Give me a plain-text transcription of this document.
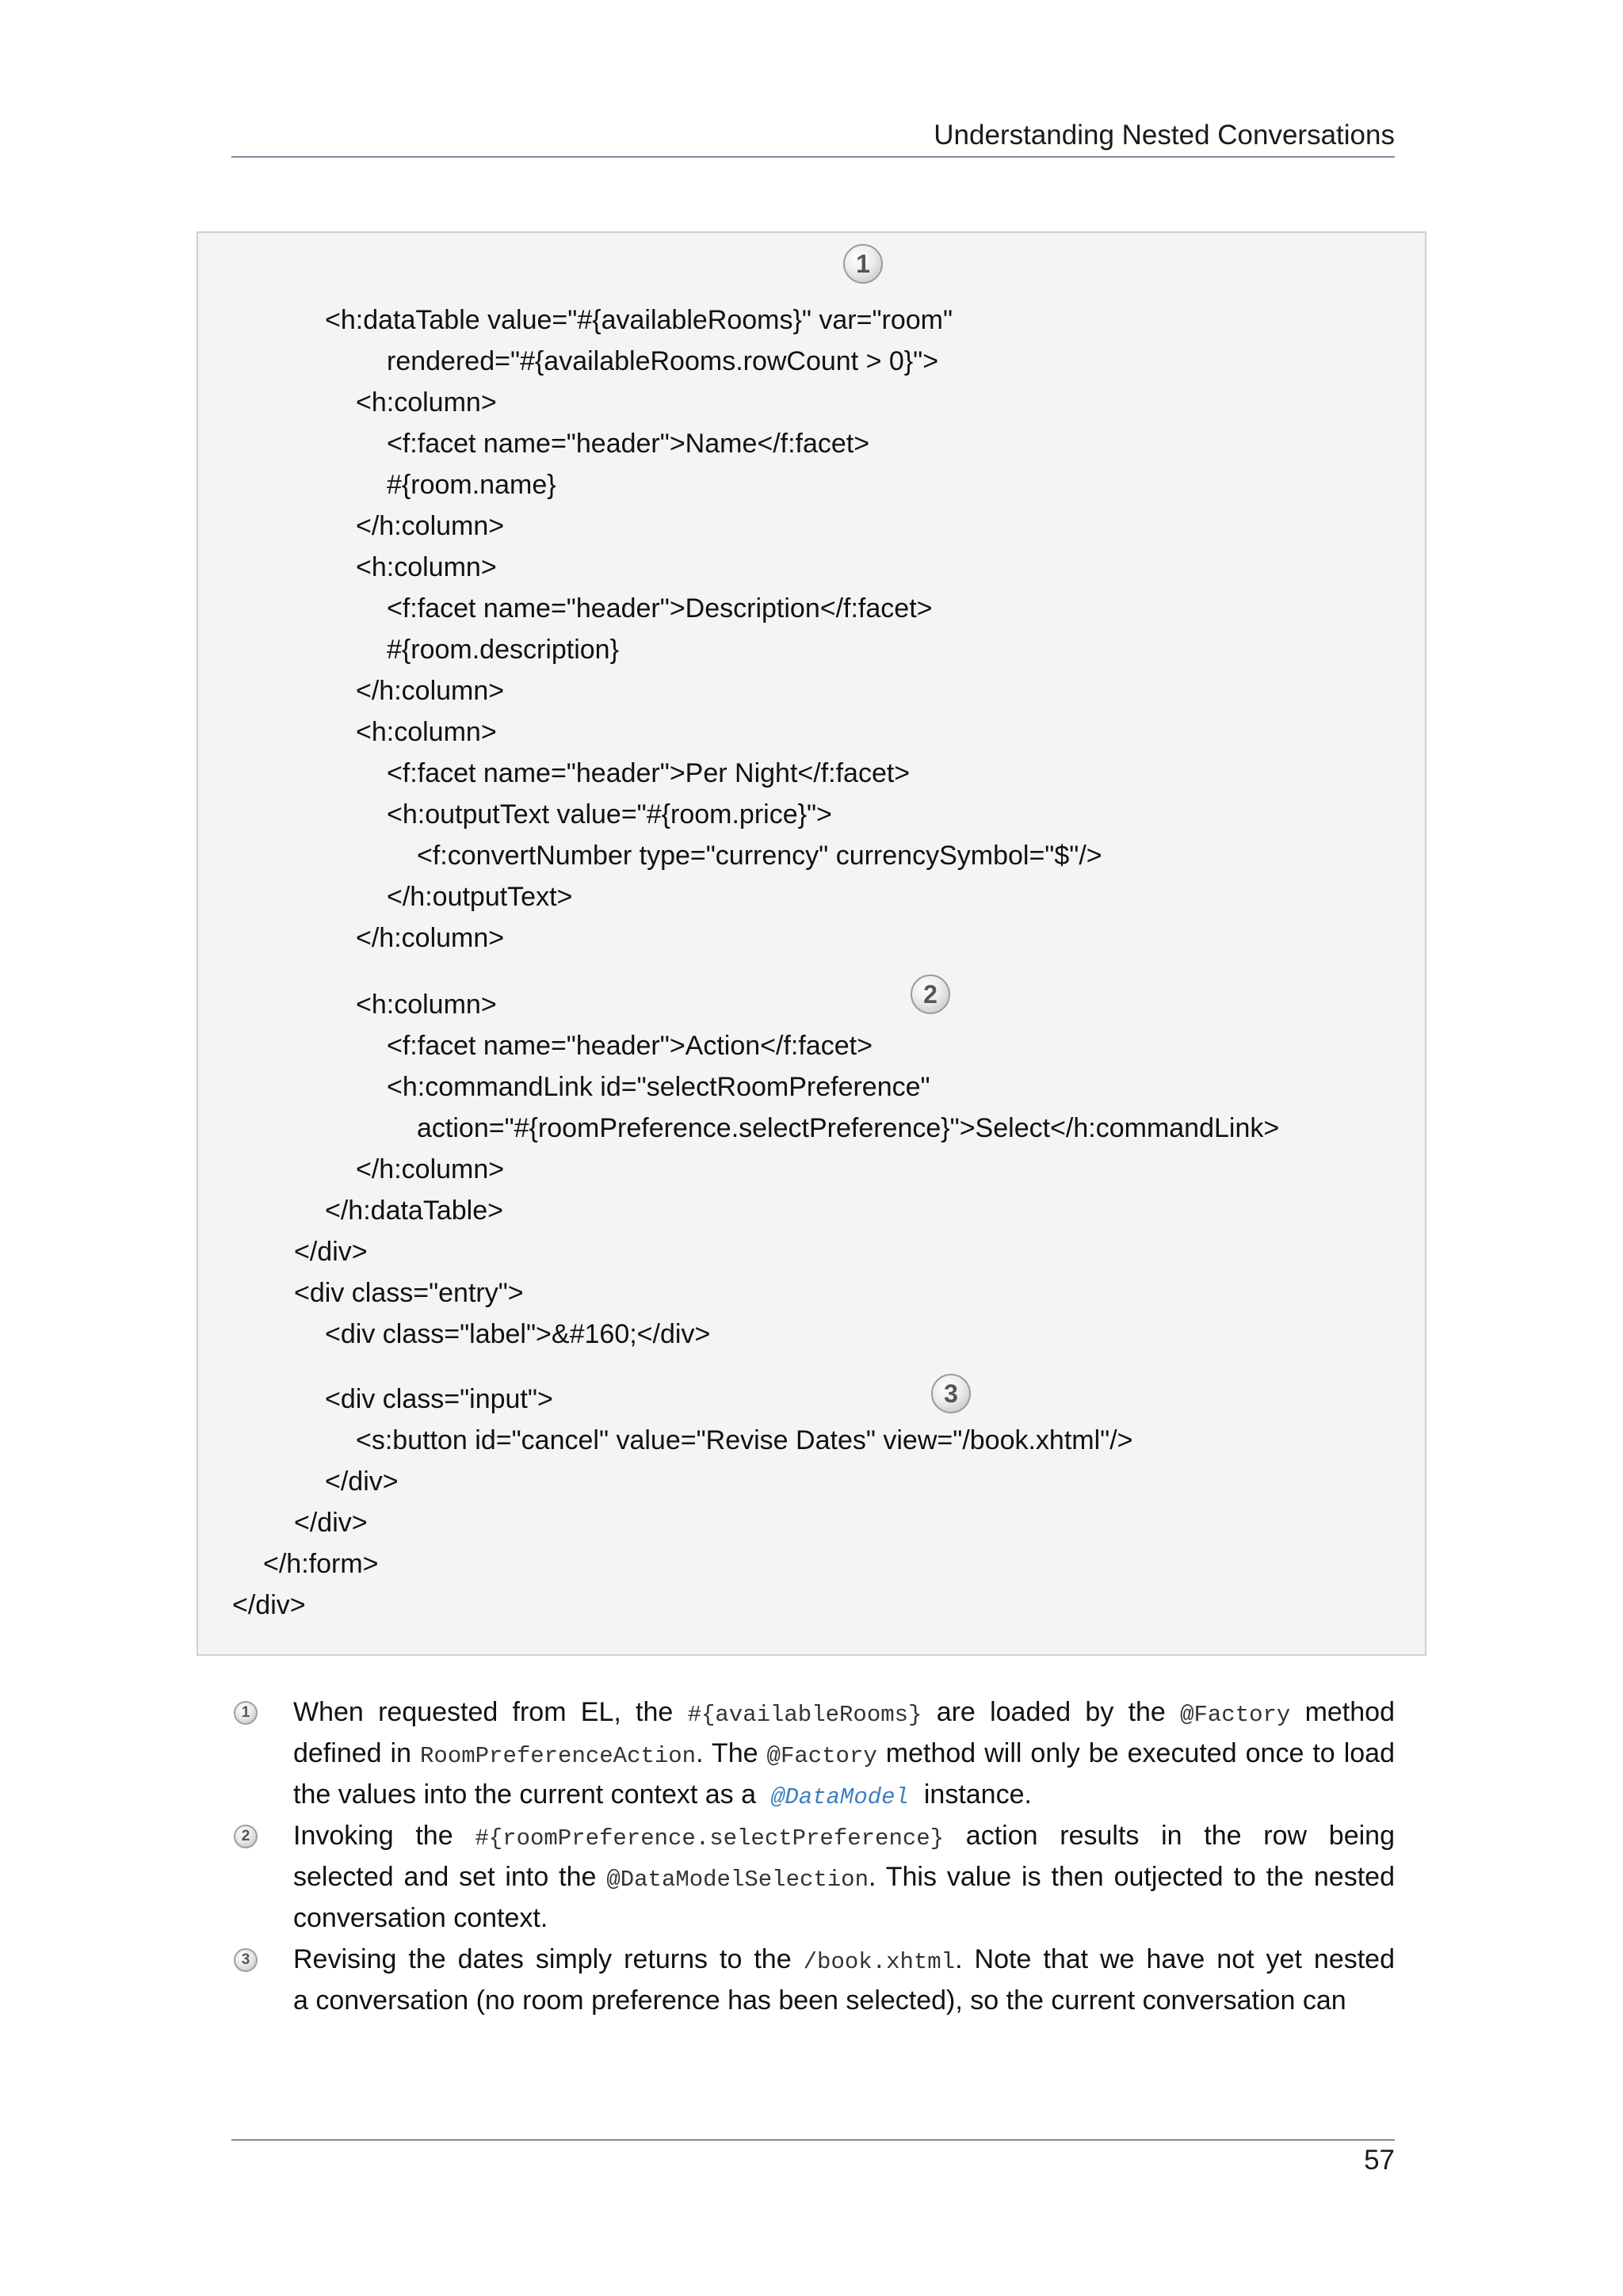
Understanding Nested Conversations
1
2
3
<h:dataTable value="#{availableRooms}" var="room"
rendered="#{availableRooms.rowCount > 0}">
<h:column>
<f:facet name="header">Name</f:facet>
#{room.name}
</h:column>
<h:column>
<f:facet name="header">Description</f:facet>
#{room.description}
</h:column>
<h:column>
<f:facet name="header">Per Night</f:facet>
<h:outputText value="#{room.price}">
<f:convertNumber type="currency" currencySymbol="$"/>
</h:outputText>
</h:column>
<h:column>
<f:facet name="header">Action</f:facet>
<h:commandLink id="selectRoomPreference"
action="#{roomPreference.selectPreference}">Select</h:commandLink>
</h:column>
</h:dataTable>
</div>
<div class="entry">
<div class="label">&#160;</div>
<div class="input">
<s:button id="cancel" value="Revise Dates" view="/book.xhtml"/>
</div>
</div>
</h:form>
</div>
1 When requested from EL, the #{availableRooms} are loaded by the @Factory method
defined in RoomPreferenceAction. The @Factory method will only be executed once to load
the values into the current context as a @DataModel instance.
2 Invoking the #{roomPreference.selectPreference} action results in the row being
selected and set into the @DataModelSelection. This value is then outjected to the nested
conversation context.
3 Revising the dates simply returns to the /book.xhtml. Note that we have not yet nested
a conversation (no room preference has been selected), so the current conversation can
57
